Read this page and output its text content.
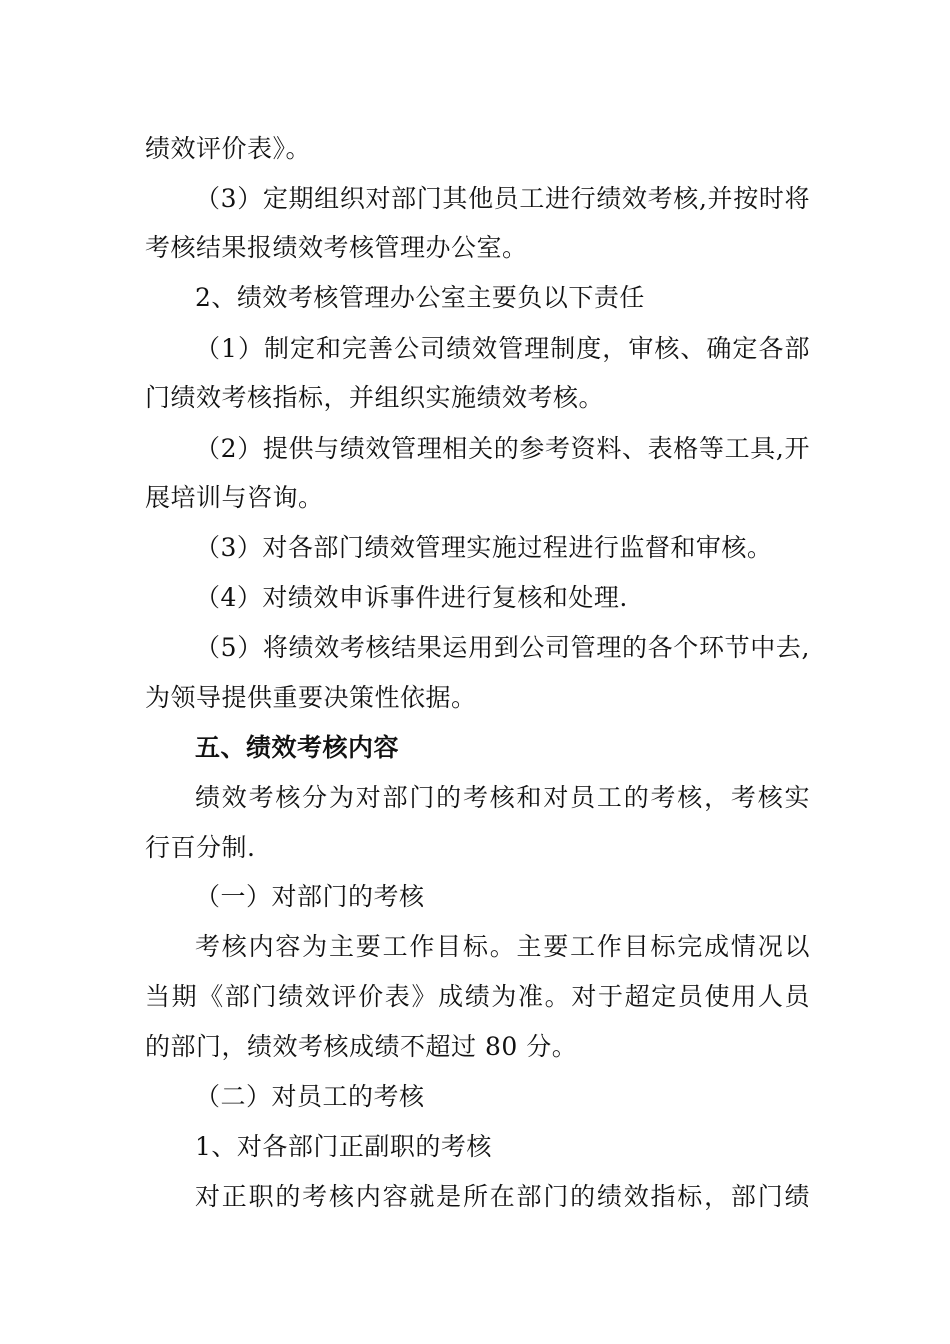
绩效评价表》。
（3）定期组织对部门其他员工进行绩效考核,并按时将
考核结果报绩效考核管理办公室。
2、绩效考核管理办公室主要负以下责任
（1）制定和完善公司绩效管理制度，审核、确定各部
门绩效考核指标，并组织实施绩效考核。
（2）提供与绩效管理相关的参考资料、表格等工具,开
展培训与咨询。
（3）对各部门绩效管理实施过程进行监督和审核。
（4）对绩效申诉事件进行复核和处理.
（5）将绩效考核结果运用到公司管理的各个环节中去,
为领导提供重要决策性依据。
五、绩效考核内容
绩效考核分为对部门的考核和对员工的考核，考核实
行百分制.
（一）对部门的考核
考核内容为主要工作目标。主要工作目标完成情况以
当期《部门绩效评价表》成绩为准。对于超定员使用人员
的部门，绩效考核成绩不超过 80 分。
（二）对员工的考核
1、对各部门正副职的考核
对正职的考核内容就是所在部门的绩效指标，部门绩
